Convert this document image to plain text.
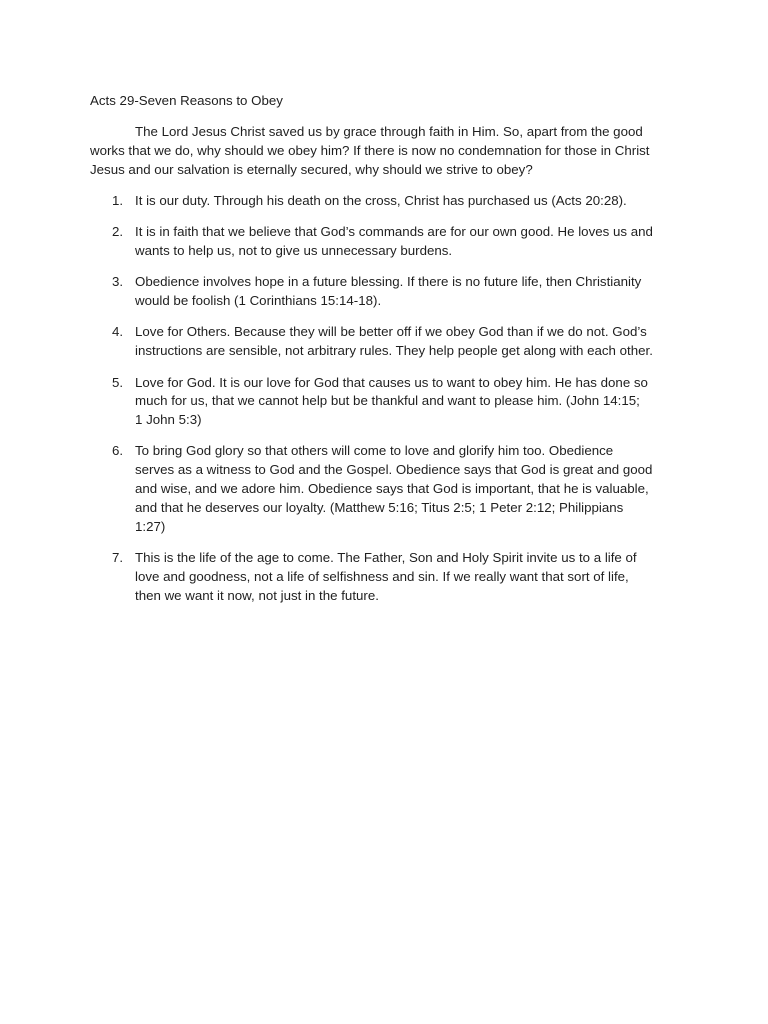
Acts 29-Seven Reasons to Obey

The Lord Jesus Christ saved us by grace through faith in Him. So, apart from the good
works that we do, why should we obey him? If there is now no condemnation for those in Christ
Jesus and our salvation is eternally secured, why should we strive to obey?

1. It is our duty. Through his death on the cross, Christ has purchased us (Acts 20:28).
2. It is in faith that we believe that God’s commands are for our own good. He loves us and
wants to help us, not to give us unnecessary burdens.
3. Obedience involves hope in a future blessing. If there is no future life, then Christianity
would be foolish (1 Corinthians 15:14-18).
4. Love for Others. Because they will be better off if we obey God than if we do not. God’s
instructions are sensible, not arbitrary rules. They help people get along with each other.
5. Love for God. It is our love for God that causes us to want to obey him. He has done so
much for us, that we cannot help but be thankful and want to please him. (John 14:15;
1 John 5:3)
6. To bring God glory so that others will come to love and glorify him too. Obedience
serves as a witness to God and the Gospel. Obedience says that God is great and good
and wise, and we adore him. Obedience says that God is important, that he is valuable,
and that he deserves our loyalty. (Matthew 5:16; Titus 2:5; 1 Peter 2:12; Philippians
1:27)
7. This is the life of the age to come. The Father, Son and Holy Spirit invite us to a life of
love and goodness, not a life of selfishness and sin. If we really want that sort of life,
then we want it now, not just in the future.
